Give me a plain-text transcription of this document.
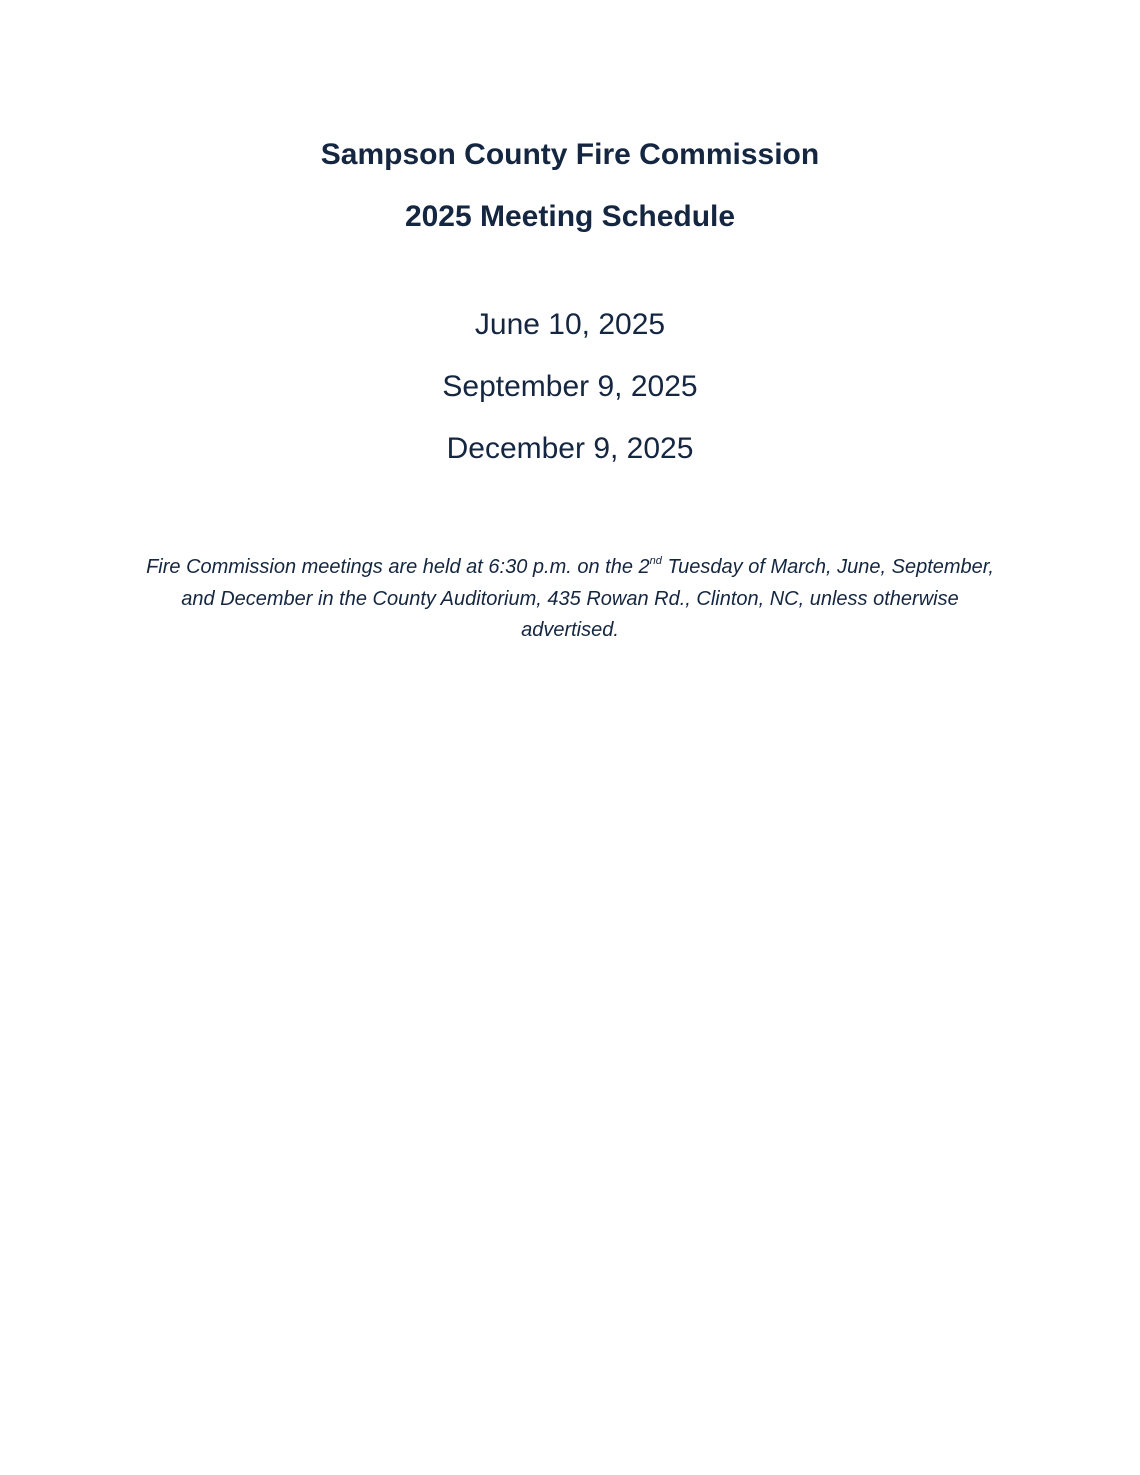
Sampson County Fire Commission
2025 Meeting Schedule
June 10, 2025
September 9, 2025
December 9, 2025

Fire Commission meetings are held at 6:30 p.m. on the 2nd Tuesday of March, June, September, and December in the County Auditorium, 435 Rowan Rd., Clinton, NC, unless otherwise advertised.
